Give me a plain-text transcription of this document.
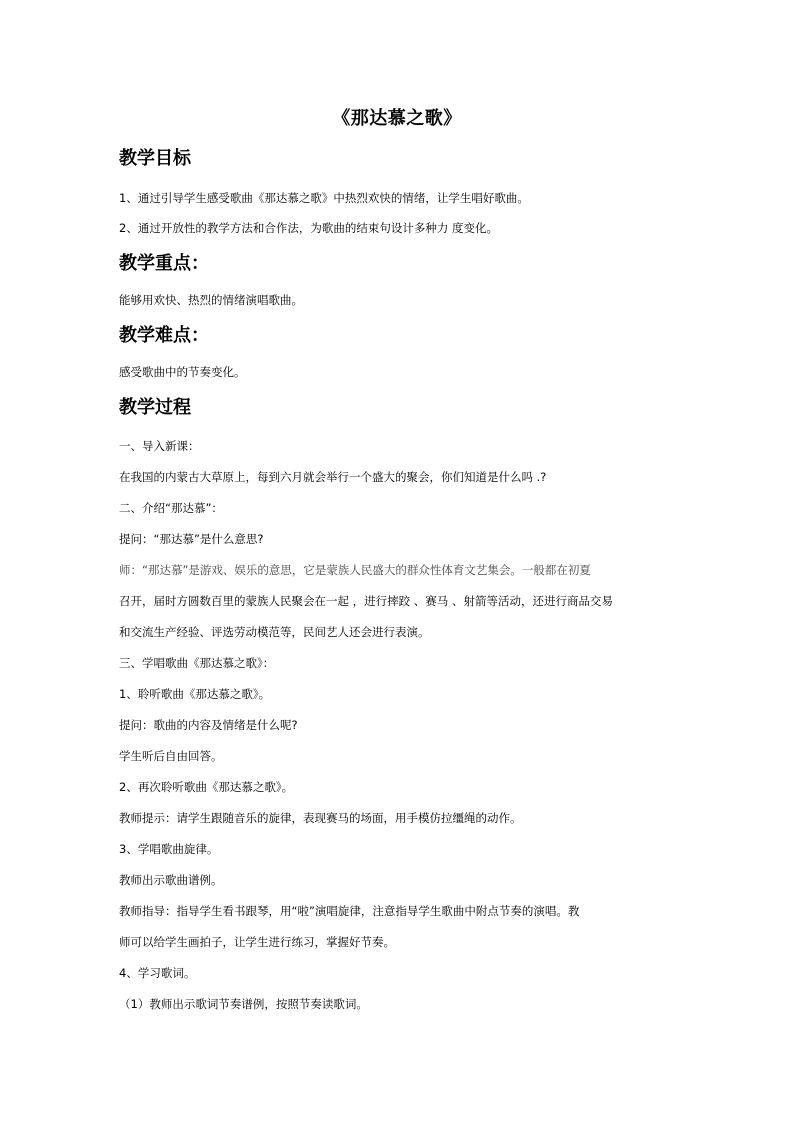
《那达慕之歌》
教学目标
1、通过引导学生感受歌曲《那达慕之歌》中热烈欢快的情绪，让学生唱好歌曲。
2、通过开放性的教学方法和合作法，为歌曲的结束句设计多种力 度变化。
教学重点：
能够用欢快、热烈的情绪演唱歌曲。
教学难点：
感受歌曲中的节奏变化。
教学过程
一、导入新课：
在我国的内蒙古大草原上，每到六月就会举行一个盛大的聚会，你们知道是什么吗 .?
二、介绍“那达慕”：
提问：“那达慕”是什么意思?
师：“那达慕”是游戏、娱乐的意思，它是蒙族人民盛大的群众性体育文艺集会。一般都在初夏
召开，届时方圆数百里的蒙族人民聚会在一起 ，进行摔跤 、赛马 、射箭等活动，还进行商品交易
和交流生产经验、评选劳动模范等，民间艺人还会进行表演。
三、学唱歌曲《那达慕之歌》：
1、聆听歌曲《那达慕之歌》。
提问：歌曲的内容及情绪是什么呢?
学生听后自由回答。
2、再次聆听歌曲《那达慕之歌》。
教师提示：请学生跟随音乐的旋律，表现赛马的场面，用手模仿拉缰绳的动作。
3、学唱歌曲旋律。
教师出示歌曲谱例。
教师指导：指导学生看书跟琴，用“啦”演唱旋律，注意指导学生歌曲中附点节奏的演唱。教
师可以给学生画拍子，让学生进行练习，掌握好节奏。
4、学习歌词。
（1）教师出示歌词节奏谱例，按照节奏读歌词。
